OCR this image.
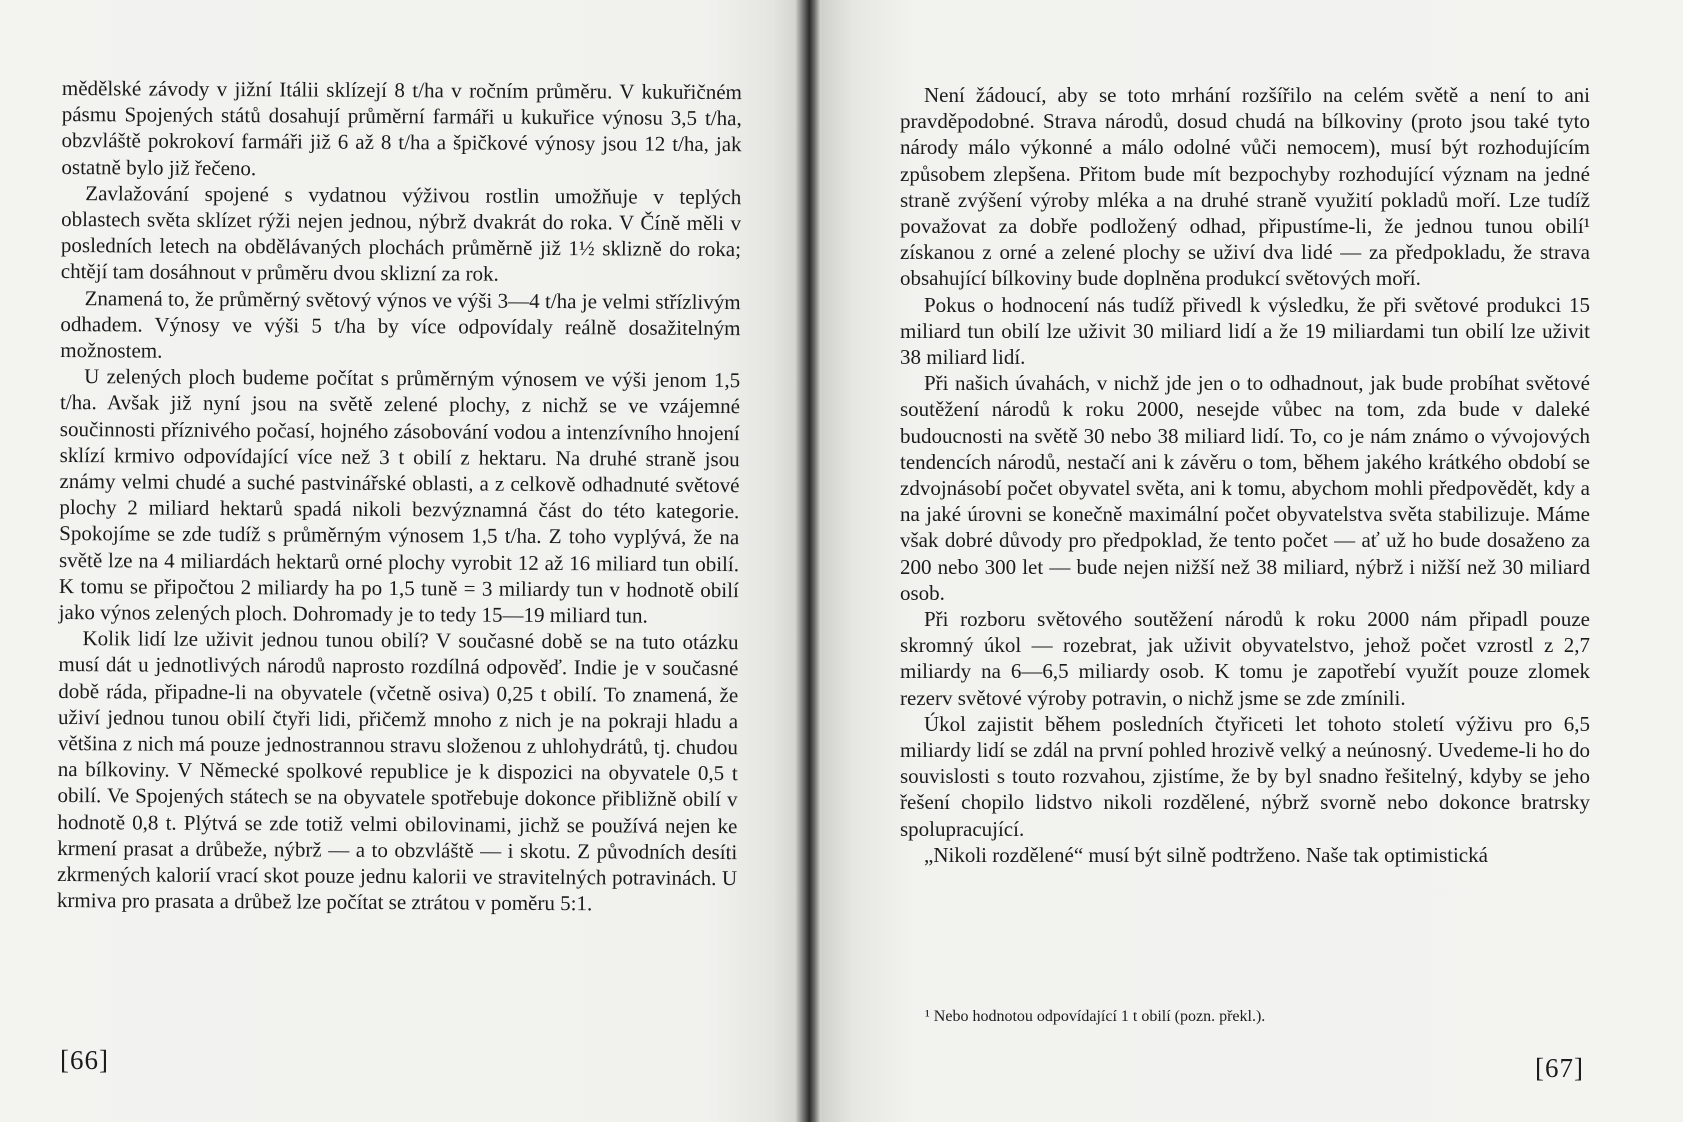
mědělské závody v jižní Itálii sklízejí 8 t/ha v ročním průměru. V kukuřičném pásmu Spojených států dosahují průměrní farmáři u kukuřice výnosu 3,5 t/ha, obzvláště pokrokoví farmáři již 6 až 8 t/ha a špičkové výnosy jsou 12 t/ha, jak ostatně bylo již řečeno.

Zavlažování spojené s vydatnou výživou rostlin umožňuje v teplých oblastech světa sklízet rýži nejen jednou, nýbrž dvakrát do roka. V Číně měli v posledních letech na obdělávaných plochách průměrně již 1½ sklizně do roka; chtějí tam dosáhnout v průměru dvou sklizní za rok.

Znamená to, že průměrný světový výnos ve výši 3—4 t/ha je velmi střízlivým odhadem. Výnosy ve výši 5 t/ha by více odpovídaly reálně dosažitelným možnostem.

U zelených ploch budeme počítat s průměrným výnosem ve výši jenom 1,5 t/ha. Avšak již nyní jsou na světě zelené plochy, z nichž se ve vzájemné součinnosti příznivého počasí, hojného zásobování vodou a intenzívního hnojení sklízí krmivo odpovídající více než 3 t obilí z hektaru. Na druhé straně jsou známy velmi chudé a suché pastvinářské oblasti, a z celkově odhadnuté světové plochy 2 miliard hektarů spadá nikoli bezvýznamná část do této kategorie. Spokojíme se zde tudíž s průměrným výnosem 1,5 t/ha. Z toho vyplývá, že na světě lze na 4 miliardách hektarů orné plochy vyrobit 12 až 16 miliard tun obilí. K tomu se připočtou 2 miliardy ha po 1,5 tuně = 3 miliardy tun v hodnotě obilí jako výnos zelených ploch. Dohromady je to tedy 15—19 miliard tun.

Kolik lidí lze uživit jednou tunou obilí? V současné době se na tuto otázku musí dát u jednotlivých národů naprosto rozdílná odpověď. Indie je v současné době ráda, připadne-li na obyvatele (včetně osiva) 0,25 t obilí. To znamená, že uživí jednou tunou obilí čtyři lidi, přičemž mnoho z nich je na pokraji hladu a většina z nich má pouze jednostrannou stravu složenou z uhlohydrátů, tj. chudou na bílkoviny. V Německé spolkové republice je k dispozici na obyvatele 0,5 t obilí. Ve Spojených státech se na obyvatele spotřebuje dokonce přibližně obilí v hodnotě 0,8 t. Plýtvá se zde totiž velmi obilovinami, jichž se používá nejen ke krmení prasat a drůbeže, nýbrž — a to obzvláště — i skotu. Z původních desíti zkrmených kalorií vrací skot pouze jednu kalorii ve stravitelných potravinách. U krmiva pro prasata a drůbež lze počítat se ztrátou v poměru 5:1.

[66]

Není žádoucí, aby se toto mrhání rozšířilo na celém světě a není to ani pravděpodobné. Strava národů, dosud chudá na bílkoviny (proto jsou také tyto národy málo výkonné a málo odolné vůči nemocem), musí být rozhodujícím způsobem zlepšena. Přitom bude mít bezpochyby rozhodující význam na jedné straně zvýšení výroby mléka a na druhé straně využití pokladů moří. Lze tudíž považovat za dobře podložený odhad, připustíme-li, že jednou tunou obilí¹ získanou z orné a zelené plochy se uživí dva lidé — za předpokladu, že strava obsahující bílkoviny bude doplněna produkcí světových moří.

Pokus o hodnocení nás tudíž přivedl k výsledku, že při světové produkci 15 miliard tun obilí lze uživit 30 miliard lidí a že 19 miliardami tun obilí lze uživit 38 miliard lidí.

Při našich úvahách, v nichž jde jen o to odhadnout, jak bude probíhat světové soutěžení národů k roku 2000, nesejde vůbec na tom, zda bude v daleké budoucnosti na světě 30 nebo 38 miliard lidí. To, co je nám známo o vývojových tendencích národů, nestačí ani k závěru o tom, během jakého krátkého období se zdvojnásobí počet obyvatel světa, ani k tomu, abychom mohli předpovědět, kdy a na jaké úrovni se konečně maximální počet obyvatelstva světa stabilizuje. Máme však dobré důvody pro předpoklad, že tento počet — ať už ho bude dosaženo za 200 nebo 300 let — bude nejen nižší než 38 miliard, nýbrž i nižší než 30 miliard osob.

Při rozboru světového soutěžení národů k roku 2000 nám připadl pouze skromný úkol — rozebrat, jak uživit obyvatelstvo, jehož počet vzrostl z 2,7 miliardy na 6—6,5 miliardy osob. K tomu je zapotřebí využít pouze zlomek rezerv světové výroby potravin, o nichž jsme se zde zmínili.

Úkol zajistit během posledních čtyřiceti let tohoto století výživu pro 6,5 miliardy lidí se zdál na první pohled hrozivě velký a neúnosný. Uvedeme-li ho do souvislosti s touto rozvahou, zjistíme, že by byl snadno řešitelný, kdyby se jeho řešení chopilo lidstvo nikoli rozdělené, nýbrž svorně nebo dokonce bratrsky spolupracující.

„Nikoli rozdělené“ musí být silně podtrženo. Naše tak optimistická

¹ Nebo hodnotou odpovídající 1 t obilí (pozn. překl.).
[67]
